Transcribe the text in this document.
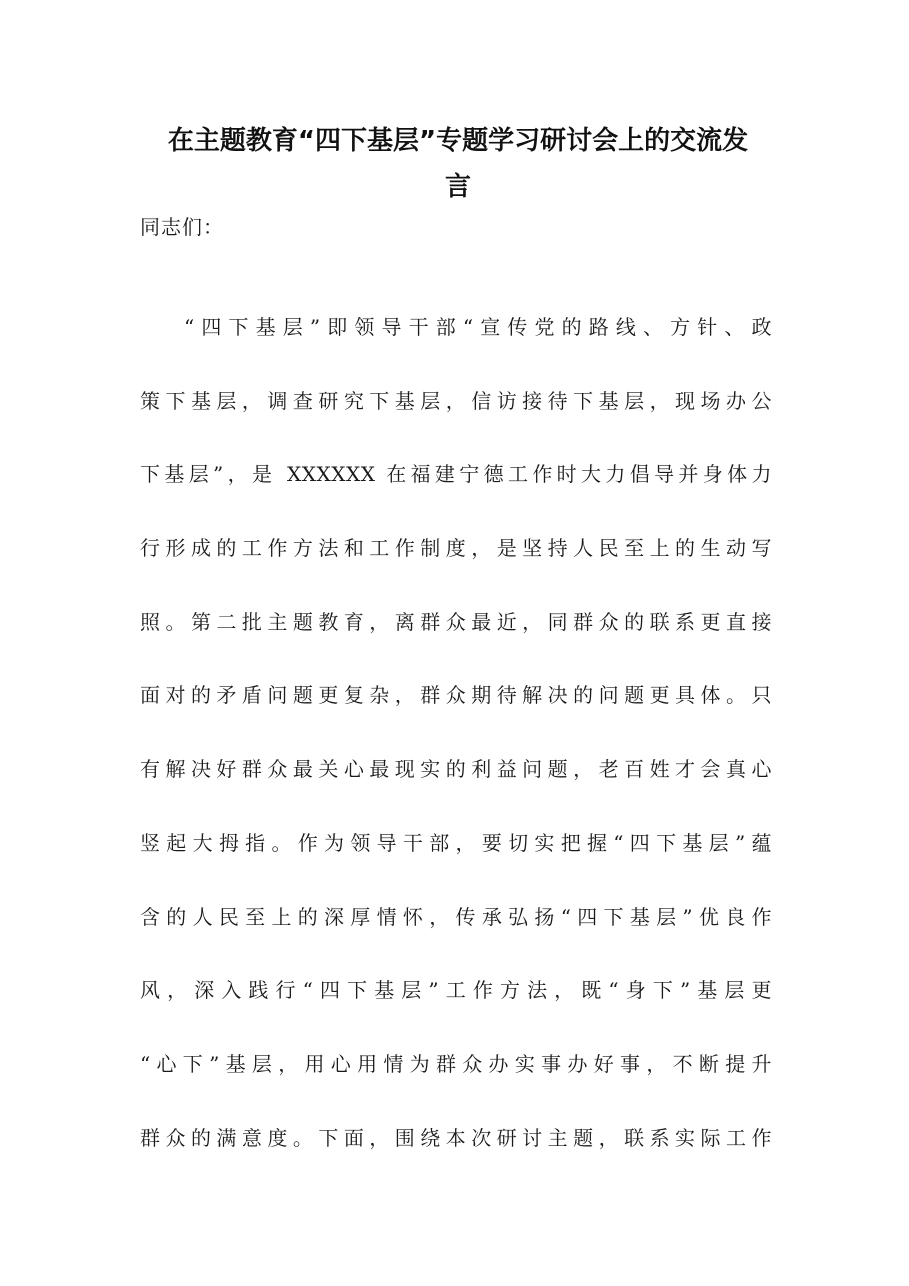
在主题教育“四下基层”专题学习研讨会上的交流发
言
同志们：
“四下基层”即领导干部“宣传党的路线、方针、政
策下基层，调查研究下基层，信访接待下基层，现场办公
下基层”，是 XXXXXX 在福建宁德工作时大力倡导并身体力
行形成的工作方法和工作制度，是坚持人民至上的生动写
照。第二批主题教育，离群众最近，同群众的联系更直接
面对的矛盾问题更复杂，群众期待解决的问题更具体。只
有解决好群众最关心最现实的利益问题，老百姓才会真心
竖起大拇指。作为领导干部，要切实把握“四下基层”蕴
含的人民至上的深厚情怀，传承弘扬“四下基层”优良作
风，深入践行“四下基层”工作方法，既“身下”基层更
“心下”基层，用心用情为群众办实事办好事，不断提升
群众的满意度。下面，围绕本次研讨主题，联系实际工作
